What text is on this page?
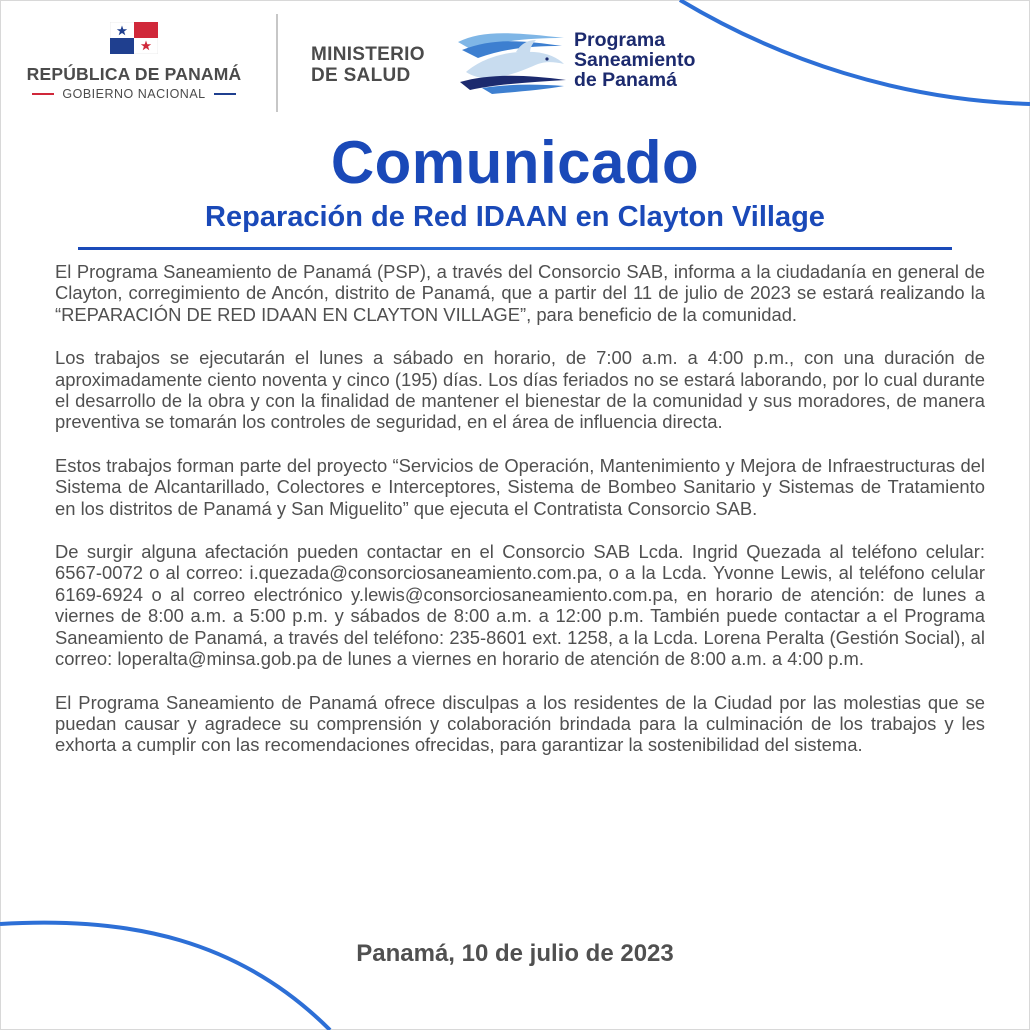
REPÚBLICA DE PANAMÁ
GOBIERNO NACIONAL
MINISTERIO
DE SALUD
Programa
Saneamiento
de Panamá
Comunicado
Reparación de Red IDAAN en Clayton Village

El Programa Saneamiento de Panamá (PSP), a través del Consorcio SAB, informa a la ciudadanía en general de Clayton, corregimiento de Ancón, distrito de Panamá, que a partir del 11 de julio de 2023 se estará realizando la “REPARACIÓN DE RED IDAAN EN CLAYTON VILLAGE”, para beneficio de la comunidad.

Los trabajos se ejecutarán el lunes a sábado en horario, de 7:00 a.m. a 4:00 p.m., con una duración de aproximadamente ciento noventa y cinco (195) días. Los días feriados no se estará laborando, por lo cual durante el desarrollo de la obra y con la finalidad de mantener el bienestar de la comunidad y sus moradores, de manera preventiva se tomarán los controles de seguridad, en el área de influencia directa.

Estos trabajos forman parte del proyecto “Servicios de Operación, Mantenimiento y Mejora de Infraestructuras del Sistema de Alcantarillado, Colectores e Interceptores, Sistema de Bombeo Sanitario y Sistemas de Tratamiento en los distritos de Panamá y San Miguelito” que ejecuta el Contratista Consorcio SAB.

De surgir alguna afectación pueden contactar en el Consorcio SAB Lcda. Ingrid Quezada al teléfono celular: 6567-0072 o al correo: i.quezada@consorciosaneamiento.com.pa, o a la Lcda. Yvonne Lewis, al teléfono celular 6169-6924 o al correo electrónico y.lewis@consorciosaneamiento.com.pa, en horario de atención: de lunes a viernes de 8:00 a.m. a 5:00 p.m. y sábados de 8:00 a.m. a 12:00 p.m. También puede contactar a el Programa Saneamiento de Panamá, a través del teléfono: 235-8601 ext. 1258, a la Lcda. Lorena Peralta (Gestión Social), al correo: loperalta@minsa.gob.pa de lunes a viernes en horario de atención de 8:00 a.m. a 4:00 p.m.

El Programa Saneamiento de Panamá ofrece disculpas a los residentes de la Ciudad por las molestias que se puedan causar y agradece su comprensión y colaboración brindada para la culminación de los trabajos y les exhorta a cumplir con las recomendaciones ofrecidas, para garantizar la sostenibilidad del sistema.

Panamá, 10 de julio de 2023
